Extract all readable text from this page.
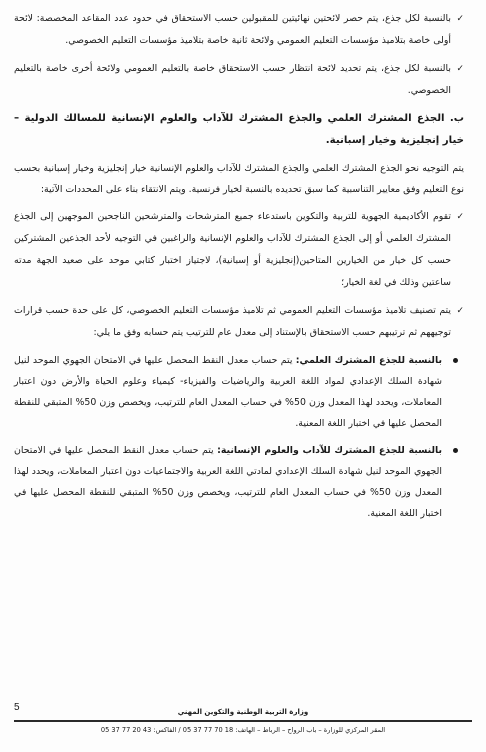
✓

بالنسبة لكل جذع، يتم حصر لائحتين نهائيتين للمقبولين حسب الاستحقاق في حدود عدد المقاعد المخصصة: لائحة أولى خاصة بتلاميذ مؤسسات التعليم العمومي ولائحة ثانية خاصة بتلاميذ مؤسسات التعليم الخصوصي.

✓

بالنسبة لكل جذع، يتم تحديد لائحة انتظار حسب الاستحقاق خاصة بالتعليم العمومي ولائحة أخرى خاصة بالتعليم الخصوصي.

ب. الجذع المشترك العلمي والجذع المشترك للآداب والعلوم الإنسانية للمسالك الدولية – خيار إنجليزية وخيار إسبانية.

يتم التوجيه نحو الجذع المشترك العلمي والجذع المشترك للآداب والعلوم الإنسانية خيار إنجليزية وخيار إسبانية بحسب نوع التعليم وفق معايير التناسبية كما سبق تحديده بالنسبة لخيار فرنسية. ويتم الانتقاء بناء على المحددات الآتية:

✓

تقوم الأكاديمية الجهوية للتربية والتكوين باستدعاء جميع المترشحات والمترشحين الناجحين الموجهين إلى الجذع المشترك العلمي أو إلى الجذع المشترك للآداب والعلوم الإنسانية والراغبين في التوجيه لأحد الجذعين المشتركين حسب كل خيار من الخيارين المتاحين(إنجليزية أو إسبانية)، لاجتياز اختبار كتابي موحد على صعيد الجهة مدته ساعتين وذلك في لغة الخيار؛

✓

يتم تصنيف تلاميذ مؤسسات التعليم العمومي ثم تلاميذ مؤسسات التعليم الخصوصي، كل على حدة حسب قرارات توجيههم ثم ترتيبهم حسب الاستحقاق بالإستناد إلى معدل عام للترتيب يتم حسابه وفق ما يلي:

بالنسبة للجذع المشترك العلمي: يتم حساب معدل النقط المحصل عليها في الامتحان الجهوي الموحد لنيل شهادة السلك الإعدادي لمواد اللغة العربية والرياضيات والفيزياء- كيمياء وعلوم الحياة والأرض دون اعتبار المعاملات، ويحدد لهذا المعدل وزن 50% في حساب المعدل العام للترتيب، ويخصص وزن 50% المتبقي للنقطة المحصل عليها في اختبار اللغة المعنية.

بالنسبة للجذع المشترك للآداب والعلوم الإنسانية: يتم حساب معدل النقط المحصل عليها في الامتحان الجهوي الموحد لنيل شهادة السلك الإعدادي لمادتي اللغة العربية والاجتماعيات دون اعتبار المعاملات، ويحدد لهذا المعدل وزن 50% في حساب المعدل العام للترتيب، ويخصص وزن 50% المتبقي للنقطة المحصل عليها في اختبار اللغة المعنية.

5	وزارة التربية الوطنية والتكوين المهني
المقر المركزي للوزارة – باب الرواح – الرباط – الهاتف: 18 70 77 37 05 / الفاكس: 43 20 77 37 05
